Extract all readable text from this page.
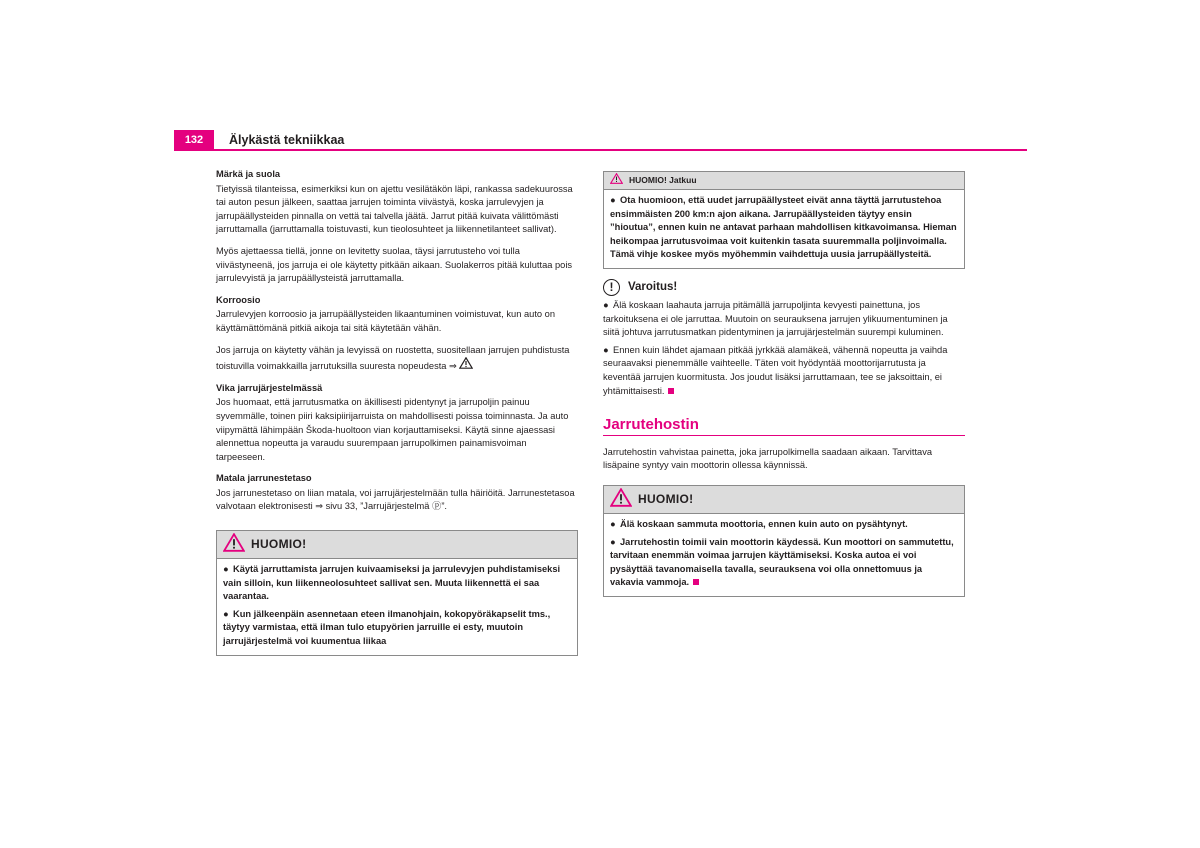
132	Älykästä tekniikkaa
Märkä ja suola

Tietyissä tilanteissa, esimerkiksi kun on ajettu vesilätäkön läpi, rankassa sadekuurossa tai auton pesun jälkeen, saattaa jarrujen toiminta viivästyä, koska jarrulevyjen ja jarrupäällysteiden pinnalla on vettä tai talvella jäätä. Jarrut pitää kuivata välittömästi jarruttamalla (jarruttamalla toistuvasti, kun tieolosuhteet ja liikennetilanteet sallivat).

Myös ajettaessa tiellä, jonne on levitetty suolaa, täysi jarrutusteho voi tulla viivästyneenä, jos jarruja ei ole käytetty pitkään aikaan. Suolakerros pitää kuluttaa pois jarrulevyistä ja jarrupäällysteistä jarruttamalla.

Korroosio

Jarrulevyjen korroosio ja jarrupäällysteiden likaantuminen voimistuvat, kun auto on käyttämättömänä pitkiä aikoja tai sitä käytetään vähän.

Jos jarruja on käytetty vähän ja levyissä on ruostetta, suositellaan jarrujen puhdistusta toistuvilla voimakkailla jarrutuksilla suuresta nopeudesta ⇒

Vika jarrujärjestelmässä

Jos huomaat, että jarrutusmatka on äkillisesti pidentynyt ja jarrupoljin painuu syvemmälle, toinen piiri kaksipiirijarruista on mahdollisesti poissa toiminnasta. Ja auto viipymättä lähimpään Škoda-huoltoon vian korjauttamiseksi. Käytä sinne ajaessasi alennettua nopeutta ja varaudu suurempaan jarrupolkimen painamisvoiman tarpeeseen.

Matala jarrunestetaso

Jos jarrunestetaso on liian matala, voi jarrujärjestelmään tulla häiriöitä. Jarrunestetasoa valvotaan elektronisesti ⇒ sivu 33, ”Jarrujärjestelmä ⓟ”.

HUOMIO!

● Käytä jarruttamista jarrujen kuivaamiseksi ja jarrulevyjen puhdistamiseksi vain silloin, kun liikenneolosuhteet sallivat sen. Muuta liikennettä ei saa vaarantaa.

● Kun jälkeenpäin asennetaan eteen ilmanohjain, kokopyöräkapselit tms., täytyy varmistaa, että ilman tulo etupyörien jarruille ei esty, muutoin jarrujärjestelmä voi kuumentua liikaa

HUOMIO! Jatkuu

● Ota huomioon, että uudet jarrupäällysteet eivät anna täyttä jarrutustehoa ensimmäisten 200 km:n ajon aikana. Jarrupäällysteiden täytyy ensin ”hioutua”, ennen kuin ne antavat parhaan mahdollisen kitkavoimansa. Hieman heikompaa jarrutusvoimaa voit kuitenkin tasata suuremmalla poljinvoimalla. Tämä vihje koskee myös myöhemmin vaihdettuja uusia jarrupäällysteitä.

!	Varoitus!

● Älä koskaan laahauta jarruja pitämällä jarrupoljinta kevyesti painettuna, jos tarkoituksena ei ole jarruttaa. Muutoin on seurauksena jarrujen ylikuumentuminen ja siitä johtuva jarrutusmatkan pidentyminen ja jarrujärjestelmän suurempi kuluminen.

● Ennen kuin lähdet ajamaan pitkää jyrkkää alamäkeä, vähennä nopeutta ja vaihda seuraavaksi pienemmälle vaihteelle. Täten voit hyödyntää moottorijarrutusta ja keventää jarrujen kuormitusta. Jos joudut lisäksi jarruttamaan, tee se jaksoittain, ei yhtämittaisesti.

Jarrutehostin

Jarrutehostin vahvistaa painetta, joka jarrupolkimella saadaan aikaan. Tarvittava lisäpaine syntyy vain moottorin ollessa käynnissä.

HUOMIO!

● Älä koskaan sammuta moottoria, ennen kuin auto on pysähtynyt.

● Jarrutehostin toimii vain moottorin käydessä. Kun moottori on sammutettu, tarvitaan enemmän voimaa jarrujen käyttämiseksi. Koska autoa ei voi pysäyttää tavanomaisella tavalla, seurauksena voi olla onnettomuus ja vakavia vammoja.
